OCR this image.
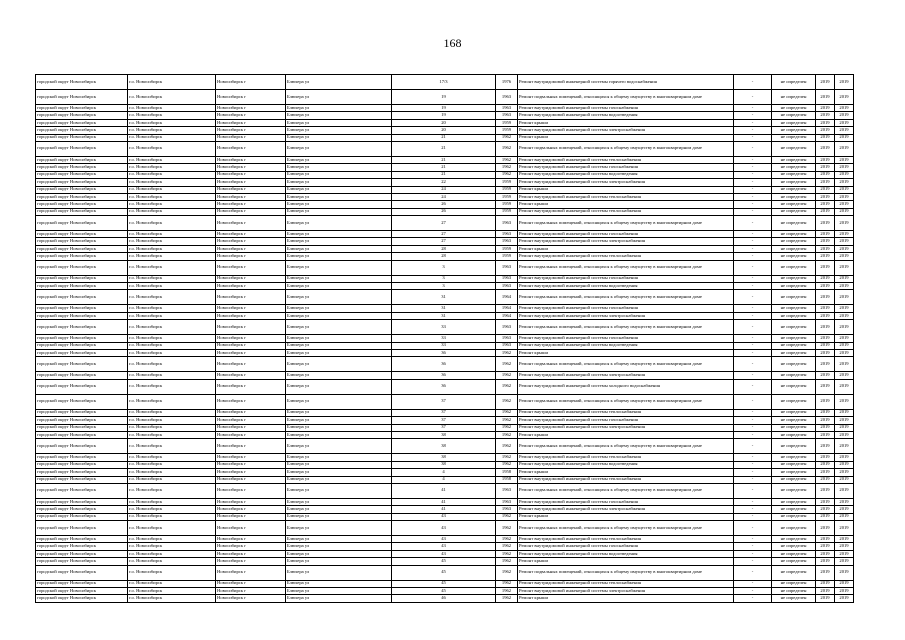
168
городской округ Новосибирск	г.о. Новосибирск	Новосибирск г	Блюхера ул	17/3	1976	Ремонт внутридомовой инженерной системы горячего водоснабжения	-	не определен	2019	2019
городской округ Новосибирск	г.о. Новосибирск	Новосибирск г	Блюхера ул	19	1963	Ремонт подвальных помещений, относящихся к общему имуществу в многоквартирном доме	-	не определен	2019	2019
городской округ Новосибирск	г.о. Новосибирск	Новосибирск г	Блюхера ул	19	1963	Ремонт внутридомовой инженерной системы газоснабжения	-	не определен	2019	2019
городской округ Новосибирск	г.о. Новосибирск	Новосибирск г	Блюхера ул	19	1963	Ремонт внутридомовой инженерной системы водоотведения	-	не определен	2019	2019
городской округ Новосибирск	г.о. Новосибирск	Новосибирск г	Блюхера ул	20	1959	Ремонт крыши	-	не определен	2019	2019
городской округ Новосибирск	г.о. Новосибирск	Новосибирск г	Блюхера ул	20	1959	Ремонт внутридомовой инженерной системы электроснабжения	-	не определен	2019	2019
городской округ Новосибирск	г.о. Новосибирск	Новосибирск г	Блюхера ул	21	1962	Ремонт крыши	-	не определен	2019	2019
городской округ Новосибирск	г.о. Новосибирск	Новосибирск г	Блюхера ул	21	1962	Ремонт подвальных помещений, относящихся к общему имуществу в многоквартирном доме	-	не определен	2019	2019
городской округ Новосибирск	г.о. Новосибирск	Новосибирск г	Блюхера ул	21	1962	Ремонт внутридомовой инженерной системы теплоснабжения	-	не определен	2019	2019
городской округ Новосибирск	г.о. Новосибирск	Новосибирск г	Блюхера ул	21	1962	Ремонт внутридомовой инженерной системы газоснабжения	-	не определен	2019	2019
городской округ Новосибирск	г.о. Новосибирск	Новосибирск г	Блюхера ул	21	1962	Ремонт внутридомовой инженерной системы водоотведения	-	не определен	2019	2019
городской округ Новосибирск	г.о. Новосибирск	Новосибирск г	Блюхера ул	22	1959	Ремонт внутридомовой инженерной системы электроснабжения	-	не определен	2019	2019
городской округ Новосибирск	г.о. Новосибирск	Новосибирск г	Блюхера ул	24	1959	Ремонт крыши	-	не определен	2019	2019
городской округ Новосибирск	г.о. Новосибирск	Новосибирск г	Блюхера ул	24	1959	Ремонт внутридомовой инженерной системы теплоснабжения	-	не определен	2019	2019
городской округ Новосибирск	г.о. Новосибирск	Новосибирск г	Блюхера ул	26	1959	Ремонт крыши	-	не определен	2019	2019
городской округ Новосибирск	г.о. Новосибирск	Новосибирск г	Блюхера ул	26	1959	Ремонт внутридомовой инженерной системы теплоснабжения	-	не определен	2019	2019
городской округ Новосибирск	г.о. Новосибирск	Новосибирск г	Блюхера ул	27	1963	Ремонт подвальных помещений, относящихся к общему имуществу в многоквартирном доме	-	не определен	2019	2019
городской округ Новосибирск	г.о. Новосибирск	Новосибирск г	Блюхера ул	27	1963	Ремонт внутридомовой инженерной системы газоснабжения	-	не определен	2019	2019
городской округ Новосибирск	г.о. Новосибирск	Новосибирск г	Блюхера ул	27	1963	Ремонт внутридомовой инженерной системы электроснабжения	-	не определен	2019	2019
городской округ Новосибирск	г.о. Новосибирск	Новосибирск г	Блюхера ул	28	1959	Ремонт крыши	-	не определен	2019	2019
городской округ Новосибирск	г.о. Новосибирск	Новосибирск г	Блюхера ул	28	1959	Ремонт внутридомовой инженерной системы теплоснабжения	-	не определен	2019	2019
городской округ Новосибирск	г.о. Новосибирск	Новосибирск г	Блюхера ул	3	1963	Ремонт подвальных помещений, относящихся к общему имуществу в многоквартирном доме	-	не определен	2019	2019
городской округ Новосибирск	г.о. Новосибирск	Новосибирск г	Блюхера ул	3	1963	Ремонт внутридомовой инженерной системы газоснабжения	-	не определен	2019	2019
городской округ Новосибирск	г.о. Новосибирск	Новосибирск г	Блюхера ул	3	1963	Ремонт внутридомовой инженерной системы водоотведения	-	не определен	2019	2019
городской округ Новосибирск	г.о. Новосибирск	Новосибирск г	Блюхера ул	31	1964	Ремонт подвальных помещений, относящихся к общему имуществу в многоквартирном доме	-	не определен	2019	2019
городской округ Новосибирск	г.о. Новосибирск	Новосибирск г	Блюхера ул	31	1964	Ремонт внутридомовой инженерной системы газоснабжения	-	не определен	2019	2019
городской округ Новосибирск	г.о. Новосибирск	Новосибирск г	Блюхера ул	31	1964	Ремонт внутридомовой инженерной системы электроснабжения	-	не определен	2019	2019
городской округ Новосибирск	г.о. Новосибирск	Новосибирск г	Блюхера ул	33	1963	Ремонт подвальных помещений, относящихся к общему имуществу в многоквартирном доме	-	не определен	2019	2019
городской округ Новосибирск	г.о. Новосибирск	Новосибирск г	Блюхера ул	33	1963	Ремонт внутридомовой инженерной системы газоснабжения	-	не определен	2019	2019
городской округ Новосибирск	г.о. Новосибирск	Новосибирск г	Блюхера ул	33	1963	Ремонт внутридомовой инженерной системы водоотведения	-	не определен	2019	2019
городской округ Новосибирск	г.о. Новосибирск	Новосибирск г	Блюхера ул	36	1962	Ремонт крыши	-	не определен	2019	2019
городской округ Новосибирск	г.о. Новосибирск	Новосибирск г	Блюхера ул	36	1962	Ремонт подвальных помещений, относящихся к общему имуществу в многоквартирном доме	-	не определен	2019	2019
городской округ Новосибирск	г.о. Новосибирск	Новосибирск г	Блюхера ул	36	1962	Ремонт внутридомовой инженерной системы электроснабжения	-	не определен	2019	2019
городской округ Новосибирск	г.о. Новосибирск	Новосибирск г	Блюхера ул	36	1962	Ремонт внутридомовой инженерной системы холодного водоснабжения	-	не определен	2019	2019
городской округ Новосибирск	г.о. Новосибирск	Новосибирск г	Блюхера ул	37	1962	Ремонт подвальных помещений, относящихся к общему имуществу в многоквартирном доме	-	не определен	2019	2019
городской округ Новосибирск	г.о. Новосибирск	Новосибирск г	Блюхера ул	37	1962	Ремонт внутридомовой инженерной системы теплоснабжения	-	не определен	2019	2019
городской округ Новосибирск	г.о. Новосибирск	Новосибирск г	Блюхера ул	37	1962	Ремонт внутридомовой инженерной системы газоснабжения	-	не определен	2019	2019
городской округ Новосибирск	г.о. Новосибирск	Новосибирск г	Блюхера ул	37	1962	Ремонт внутридомовой инженерной системы электроснабжения	-	не определен	2019	2019
городской округ Новосибирск	г.о. Новосибирск	Новосибирск г	Блюхера ул	38	1962	Ремонт крыши	-	не определен	2019	2019
городской округ Новосибирск	г.о. Новосибирск	Новосибирск г	Блюхера ул	38	1962	Ремонт подвальных помещений, относящихся к общему имуществу в многоквартирном доме	-	не определен	2019	2019
городской округ Новосибирск	г.о. Новосибирск	Новосибирск г	Блюхера ул	38	1962	Ремонт внутридомовой инженерной системы теплоснабжения	-	не определен	2019	2019
городской округ Новосибирск	г.о. Новосибирск	Новосибирск г	Блюхера ул	38	1962	Ремонт внутридомовой инженерной системы водоотведения	-	не определен	2019	2019
городской округ Новосибирск	г.о. Новосибирск	Новосибирск г	Блюхера ул	4	1958	Ремонт крыши	-	не определен	2019	2019
городской округ Новосибирск	г.о. Новосибирск	Новосибирск г	Блюхера ул	4	1958	Ремонт внутридомовой инженерной системы теплоснабжения	-	не определен	2019	2019
городской округ Новосибирск	г.о. Новосибирск	Новосибирск г	Блюхера ул	41	1963	Ремонт подвальных помещений, относящихся к общему имуществу в многоквартирном доме	-	не определен	2019	2019
городской округ Новосибирск	г.о. Новосибирск	Новосибирск г	Блюхера ул	41	1963	Ремонт внутридомовой инженерной системы газоснабжения	-	не определен	2019	2019
городской округ Новосибирск	г.о. Новосибирск	Новосибирск г	Блюхера ул	41	1963	Ремонт внутридомовой инженерной системы электроснабжения	-	не определен	2019	2019
городской округ Новосибирск	г.о. Новосибирск	Новосибирск г	Блюхера ул	43	1962	Ремонт крыши	-	не определен	2019	2019
городской округ Новосибирск	г.о. Новосибирск	Новосибирск г	Блюхера ул	43	1962	Ремонт подвальных помещений, относящихся к общему имуществу в многоквартирном доме	-	не определен	2019	2019
городской округ Новосибирск	г.о. Новосибирск	Новосибирск г	Блюхера ул	43	1962	Ремонт внутридомовой инженерной системы теплоснабжения	-	не определен	2019	2019
городской округ Новосибирск	г.о. Новосибирск	Новосибирск г	Блюхера ул	43	1962	Ремонт внутридомовой инженерной системы газоснабжения	-	не определен	2019	2019
городской округ Новосибирск	г.о. Новосибирск	Новосибирск г	Блюхера ул	43	1962	Ремонт внутридомовой инженерной системы водоотведения	-	не определен	2019	2019
городской округ Новосибирск	г.о. Новосибирск	Новосибирск г	Блюхера ул	45	1962	Ремонт крыши	-	не определен	2019	2019
городской округ Новосибирск	г.о. Новосибирск	Новосибирск г	Блюхера ул	45	1962	Ремонт подвальных помещений, относящихся к общему имуществу в многоквартирном доме	-	не определен	2019	2019
городской округ Новосибирск	г.о. Новосибирск	Новосибирск г	Блюхера ул	45	1962	Ремонт внутридомовой инженерной системы теплоснабжения	-	не определен	2019	2019
городской округ Новосибирск	г.о. Новосибирск	Новосибирск г	Блюхера ул	45	1962	Ремонт внутридомовой инженерной системы электроснабжения	-	не определен	2019	2019
городской округ Новосибирск	г.о. Новосибирск	Новосибирск г	Блюхера ул	46	1962	Ремонт крыши	-	не определен	2019	2019
